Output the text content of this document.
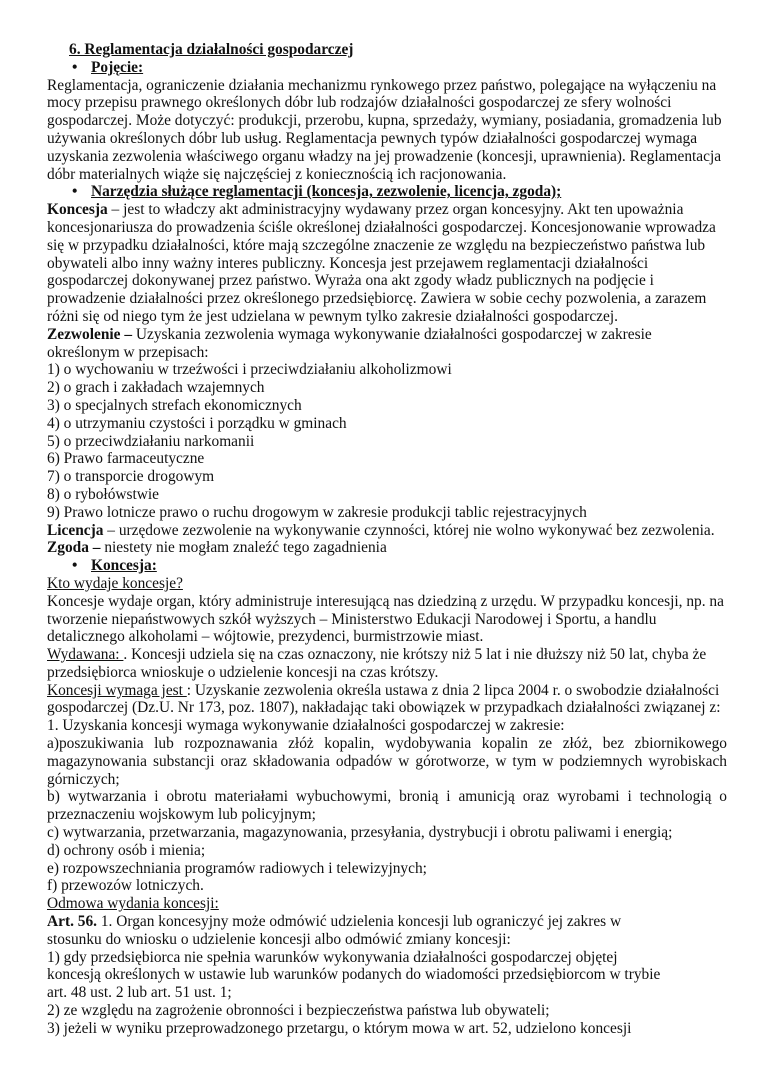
6. Reglamentacja działalności gospodarczej
• Pojęcie:
Reglamentacja, ograniczenie działania mechanizmu rynkowego przez państwo, polegające na wyłączeniu na
mocy przepisu prawnego określonych dóbr lub rodzajów działalności gospodarczej ze sfery wolności
gospodarczej. Może dotyczyć: produkcji, przerobu, kupna, sprzedaży, wymiany, posiadania, gromadzenia lub
używania określonych dóbr lub usług. Reglamentacja pewnych typów działalności gospodarczej wymaga
uzyskania zezwolenia właściwego organu władzy na jej prowadzenie (koncesji, uprawnienia). Reglamentacja
dóbr materialnych wiąże się najczęściej z koniecznością ich racjonowania.
• Narzędzia służące reglamentacji (koncesja, zezwolenie, licencja, zgoda);
Koncesja – jest to władczy akt administracyjny wydawany przez organ koncesyjny. Akt ten upoważnia
koncesjonariusza do prowadzenia ściśle określonej działalności gospodarczej. Koncesjonowanie wprowadza
się w przypadku działalności, które mają szczególne znaczenie ze względu na bezpieczeństwo państwa lub
obywateli albo inny ważny interes publiczny. Koncesja jest przejawem reglamentacji działalności
gospodarczej dokonywanej przez państwo. Wyraża ona akt zgody władz publicznych na podjęcie i
prowadzenie działalności przez określonego przedsiębiorcę. Zawiera w sobie cechy pozwolenia, a zarazem
różni się od niego tym że jest udzielana w pewnym tylko zakresie działalności gospodarczej.
Zezwolenie – Uzyskania zezwolenia wymaga wykonywanie działalności gospodarczej w zakresie
określonym w przepisach:
1) o wychowaniu w trzeźwości i przeciwdziałaniu alkoholizmowi
2) o grach i zakładach wzajemnych
3) o specjalnych strefach ekonomicznych
4) o utrzymaniu czystości i porządku w gminach
5) o przeciwdziałaniu narkomanii
6) Prawo farmaceutyczne
7) o transporcie drogowym
8) o rybołówstwie
9) Prawo lotnicze prawo o ruchu drogowym w zakresie produkcji tablic rejestracyjnych
Licencja – urzędowe zezwolenie na wykonywanie czynności, której nie wolno wykonywać bez zezwolenia.
Zgoda – niestety nie mogłam znaleźć tego zagadnienia
• Koncesja:
Kto wydaje koncesje?
Koncesje wydaje organ, który administruje interesującą nas dziedziną z urzędu. W przypadku koncesji, np. na
tworzenie niepaństwowych szkół wyższych – Ministerstwo Edukacji Narodowej i Sportu, a handlu
detalicznego alkoholami – wójtowie, prezydenci, burmistrzowie miast.
Wydawana: . Koncesji udziela się na czas oznaczony, nie krótszy niż 5 lat i nie dłuższy niż 50 lat, chyba że
przedsiębiorca wnioskuje o udzielenie koncesji na czas krótszy.
Koncesji wymaga jest : Uzyskanie zezwolenia określa ustawa z dnia 2 lipca 2004 r. o swobodzie działalności
gospodarczej (Dz.U. Nr 173, poz. 1807), nakładając taki obowiązek w przypadkach działalności związanej z:
1. Uzyskania koncesji wymaga wykonywanie działalności gospodarczej w zakresie:
a)poszukiwania lub rozpoznawania złóż kopalin, wydobywania kopalin ze złóż, bez zbiornikowego
magazynowania substancji oraz składowania odpadów w górotworze, w tym w podziemnych wyrobiskach
górniczych;
b) wytwarzania i obrotu materiałami wybuchowymi, bronią i amunicją oraz wyrobami i technologią o
przeznaczeniu wojskowym lub policyjnym;
c) wytwarzania, przetwarzania, magazynowania, przesyłania, dystrybucji i obrotu paliwami i energią;
d) ochrony osób i mienia;
e) rozpowszechniania programów radiowych i telewizyjnych;
f) przewozów lotniczych.
Odmowa wydania koncesji:
Art. 56. 1. Organ koncesyjny może odmówić udzielenia koncesji lub ograniczyć jej zakres w
stosunku do wniosku o udzielenie koncesji albo odmówić zmiany koncesji:
1) gdy przedsiębiorca nie spełnia warunków wykonywania działalności gospodarczej objętej
koncesją określonych w ustawie lub warunków podanych do wiadomości przedsiębiorcom w trybie
art. 48 ust. 2 lub art. 51 ust. 1;
2) ze względu na zagrożenie obronności i bezpieczeństwa państwa lub obywateli;
3) jeżeli w wyniku przeprowadzonego przetargu, o którym mowa w art. 52, udzielono koncesji
